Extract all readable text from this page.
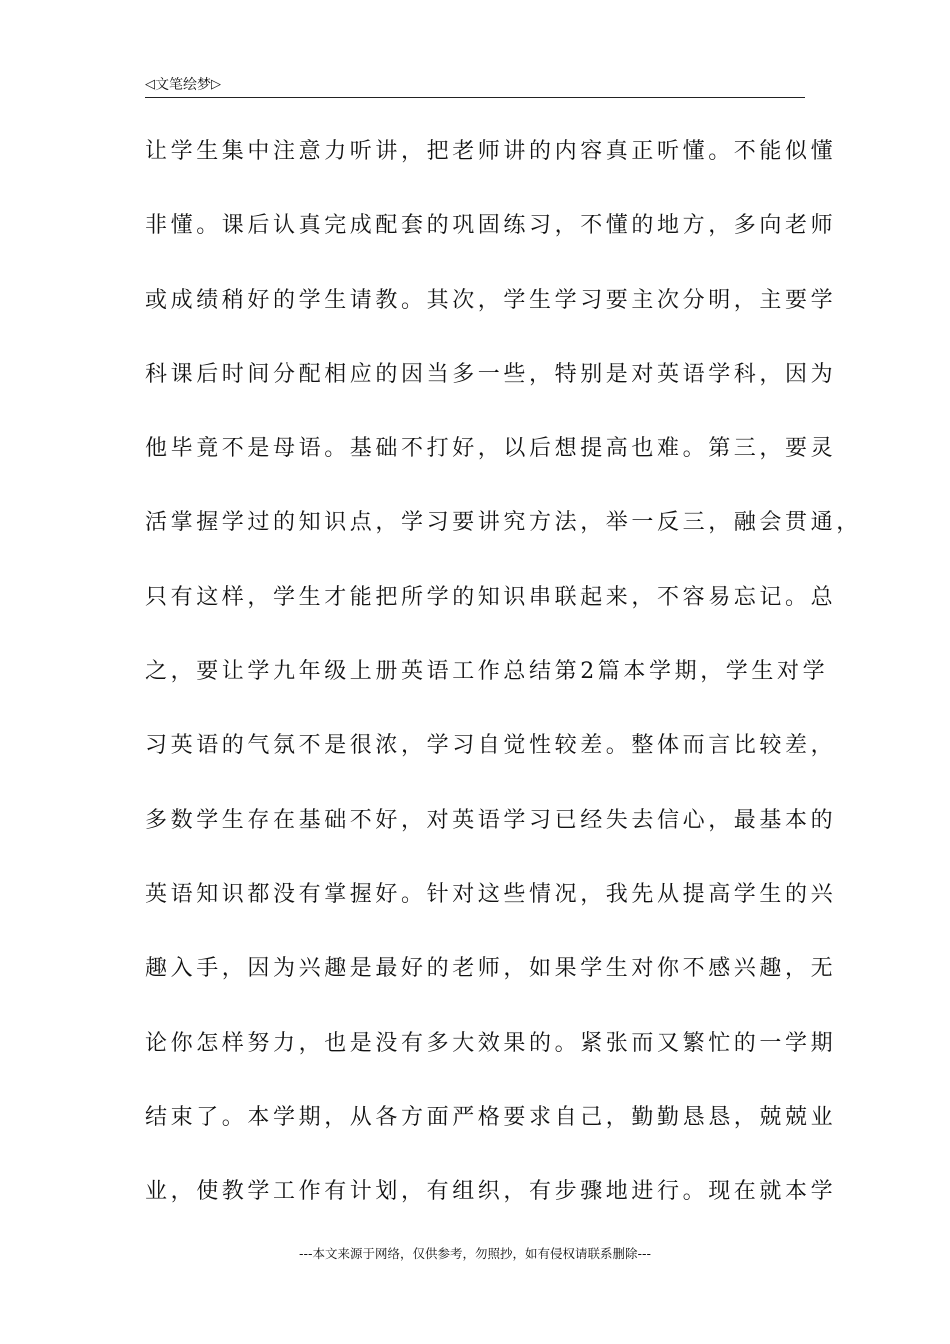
◁ 文笔绘梦 ▷
让学生集中注意力听讲，把老师讲的内容真正听懂。不能似懂
非懂。课后认真完成配套的巩固练习，不懂的地方，多向老师
或成绩稍好的学生请教。其次，学生学习要主次分明，主要学
科课后时间分配相应的因当多一些，特别是对英语学科，因为
他毕竟不是母语。基础不打好，以后想提高也难。第三，要灵
活掌握学过的知识点，学习要讲究方法，举一反三，融会贯通，
只有这样，学生才能把所学的知识串联起来，不容易忘记。总
之，要让学九年级上册英语工作总结第2篇本学期，学生对学
习英语的气氛不是很浓，学习自觉性较差。整体而言比较差，
多数学生存在基础不好，对英语学习已经失去信心，最基本的
英语知识都没有掌握好。针对这些情况，我先从提高学生的兴
趣入手，因为兴趣是最好的老师，如果学生对你不感兴趣，无
论你怎样努力，也是没有多大效果的。紧张而又繁忙的一学期
结束了。本学期，从各方面严格要求自己，勤勤恳恳，兢兢业
业，使教学工作有计划，有组织，有步骤地进行。现在就本学
---本文来源于网络，仅供参考，勿照抄，如有侵权请联系删除---
